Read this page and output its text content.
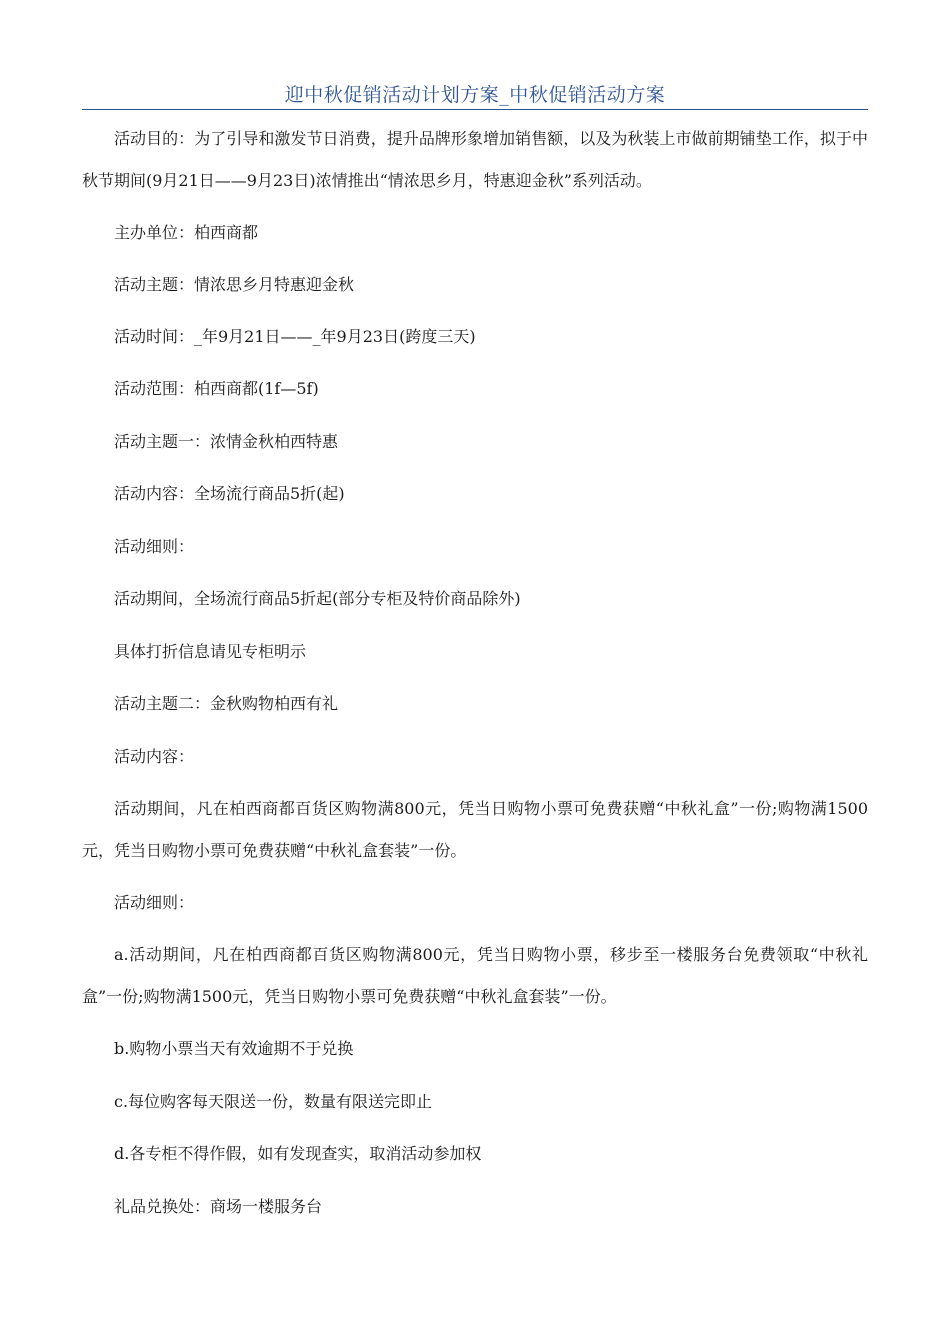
迎中秋促销活动计划方案_中秋促销活动方案

活动目的：为了引导和激发节日消费，提升品牌形象增加销售额，以及为秋装上市做前期铺垫工作，拟于中秋节期间(9月21日——9月23日)浓情推出“情浓思乡月，特惠迎金秋”系列活动。

主办单位：柏西商都

活动主题：情浓思乡月特惠迎金秋

活动时间：_年9月21日——_年9月23日(跨度三天)

活动范围：柏西商都(1f—5f)

活动主题一：浓情金秋柏西特惠

活动内容：全场流行商品5折(起)

活动细则：

活动期间，全场流行商品5折起(部分专柜及特价商品除外)

具体打折信息请见专柜明示

活动主题二：金秋购物柏西有礼

活动内容：

活动期间，凡在柏西商都百货区购物满800元，凭当日购物小票可免费获赠“中秋礼盒”一份;购物满1500元，凭当日购物小票可免费获赠“中秋礼盒套装”一份。

活动细则：

a.活动期间，凡在柏西商都百货区购物满800元，凭当日购物小票，移步至一楼服务台免费领取“中秋礼盒”一份;购物满1500元，凭当日购物小票可免费获赠“中秋礼盒套装”一份。

b.购物小票当天有效逾期不于兑换

c.每位购客每天限送一份，数量有限送完即止

d.各专柜不得作假，如有发现查实，取消活动参加权

礼品兑换处：商场一楼服务台
